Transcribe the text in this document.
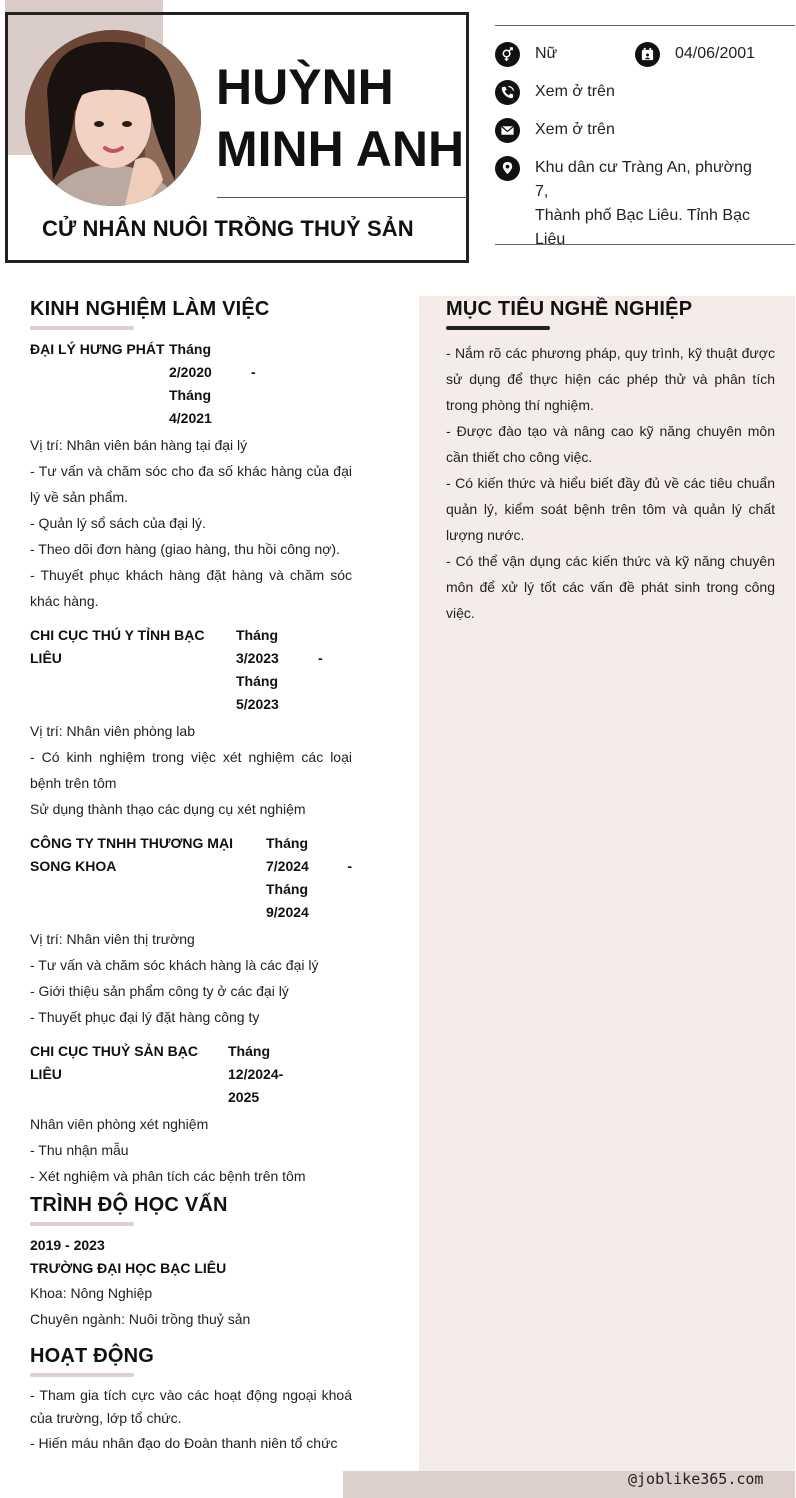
HUỲNH
MINH ANH
CỬ NHÂN NUÔI TRỒNG THUỶ SẢN
Nữ	04/06/2001
Xem ở trên
Xem ở trên
Khu dân cư Tràng An, phường 7,
Thành phố Bạc Liêu. Tỉnh Bạc
Liêu
KINH NGHIỆM LÀM VIỆC
ĐẠI LÝ HƯNG PHÁT Tháng
2/2020
Tháng
4/2021
-
Vị trí: Nhân viên bán hàng tại đại lý
- Tư vấn và chăm sóc cho đa số khác hàng của đại lý về sản phẩm.
- Quản lý sổ sách của đại lý.
- Theo dõi đơn hàng (giao hàng, thu hồi công nợ).
- Thuyết phục khách hàng đặt hàng và chăm sóc khác hàng.
CHI CỤC THÚ Y TỈNH BẠC LIÊU
Tháng
3/2023
Tháng
5/2023
-
Vị trí: Nhân viên phòng lab
- Có kinh nghiệm trong việc xét nghiệm các loại bệnh trên tôm
Sử dụng thành thạo các dụng cụ xét nghiệm
CÔNG TY TNHH THƯƠNG MẠI
SONG KHOA
Tháng
7/2024
Tháng
9/2024
-
Vị trí: Nhân viên thị trường
- Tư vấn và chăm sóc khách hàng là các đại lý
- Giới thiệu sản phẩm công ty ở các đại lý
- Thuyết phục đại lý đặt hàng công ty
CHI CỤC THUỶ SẢN BẠC LIÊU
Tháng
12/2024-
2025
Nhân viên phòng xét nghiệm
- Thu nhận mẫu
- Xét nghiệm và phân tích các bệnh trên tôm
TRÌNH ĐỘ HỌC VẤN
2019 - 2023
TRƯỜNG ĐẠI HỌC BẠC LIÊU
Khoa: Nông Nghiệp
Chuyên ngành: Nuôi trồng thuỷ sản
HOẠT ĐỘNG
- Tham gia tích cực vào các hoạt động ngoại khoá của trường, lớp tổ chức.
- Hiến máu nhân đạo do Đoàn thanh niên tổ chức
MỤC TIÊU NGHỀ NGHIỆP
- Nắm rõ các phương pháp, quy trình, kỹ thuật được sử dụng để thực hiện các phép thử và phân tích trong phòng thí nghiệm.
- Được đào tạo và nâng cao kỹ năng chuyên môn cần thiết cho công việc.
- Có kiến thức và hiểu biết đầy đủ về các tiêu chuẩn quản lý, kiểm soát bệnh trên tôm và quản lý chất lượng nước.
- Có thể vận dụng các kiến thức và kỹ năng chuyên môn để xử lý tốt các vấn đề phát sinh trong công việc.
@joblike365.com
